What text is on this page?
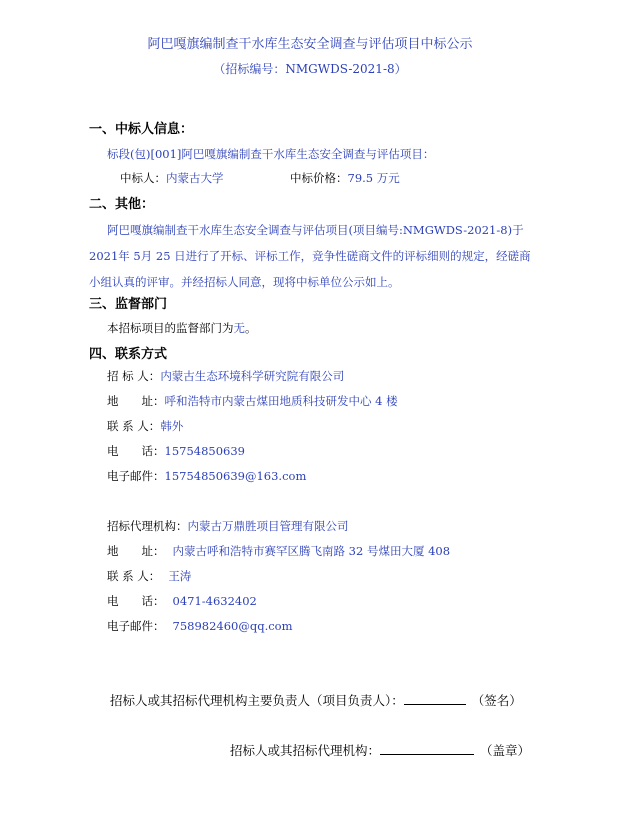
阿巴嘎旗编制查干水库生态安全调查与评估项目中标公示
（招标编号：NMGWDS-2021-8）
一、中标人信息：
标段(包)[001]阿巴嘎旗编制查干水库生态安全调查与评估项目：
中标人：内蒙古大学	中标价格：79.5 万元
二、其他：
阿巴嘎旗编制查干水库生态安全调查与评估项目(项目编号:NMGWDS-2021-8)于 2021年 5月 25 日进行了开标、评标工作，竞争性磋商文件的评标细则的规定，经磋商小组认真的评审。并经招标人同意，现将中标单位公示如上。
三、监督部门
本招标项目的监督部门为无。
四、联系方式
招 标 人：内蒙古生态环境科学研究院有限公司
地　　址：呼和浩特市内蒙古煤田地质科技研发中心 4 楼
联 系 人：韩外
电　　话：15754850639
电子邮件：15754850639@163.com
招标代理机构：内蒙古万鼎胜项目管理有限公司
地　　址： 内蒙古呼和浩特市赛罕区腾飞南路 32 号煤田大厦 408
联 系 人： 王涛
电　　话： 0471-4632402
电子邮件： 758982460@qq.com
招标人或其招标代理机构主要负责人（项目负责人）：	（签名）
招标人或其招标代理机构：	（盖章）
